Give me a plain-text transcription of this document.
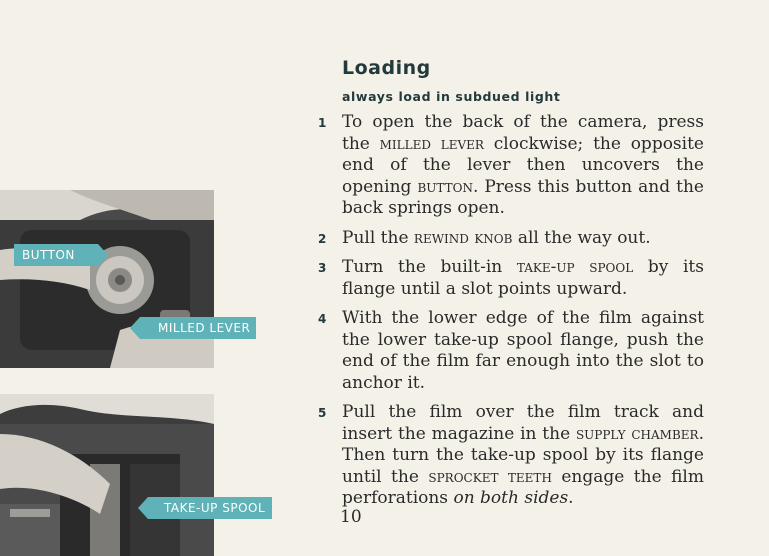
BUTTON
MILLED LEVER
TAKE-UP SPOOL
Loading
always load in subdued light
1 To open the back of the camera, press the milled lever clockwise; the opposite end of the lever then uncovers the opening button. Press this button and the back springs open.
2 Pull the rewind knob all the way out.
3 Turn the built-in take-up spool by its flange until a slot points upward.
4 With the lower edge of the film against the lower take-up spool flange, push the end of the film far enough into the slot to anchor it.
5 Pull the film over the film track and insert the magazine in the supply chamber. Then turn the take-up spool by its flange until the sprocket teeth engage the film perforations on both sides.
10
